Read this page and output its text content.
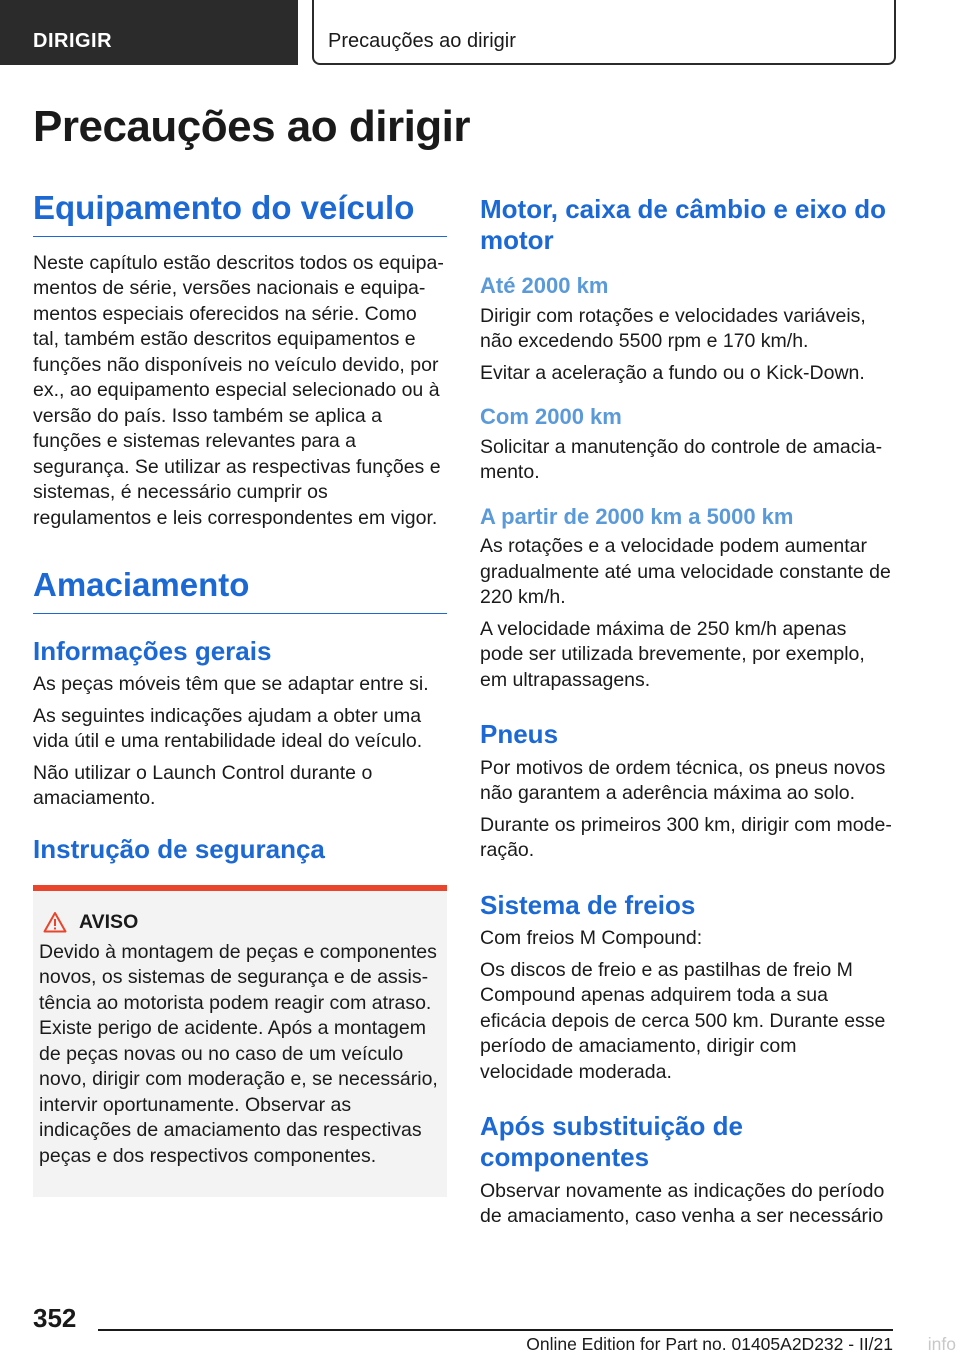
DIRIGIR	Precauções ao dirigir
Precauções ao dirigir
Equipamento do veículo

Neste capítulo estão descritos todos os equipamentos de série, versões nacionais e equipamentos especiais oferecidos na série. Como tal, também estão descritos equipamentos e funções não disponíveis no veículo devido, por ex., ao equipamento especial selecionado ou à versão do país. Isso também se aplica a funções e sistemas relevantes para a segurança. Se utilizar as respectivas funções e sistemas, é necessário cumprir os regulamentos e leis correspondentes em vigor.

Amaciamento
Informações gerais

As peças móveis têm que se adaptar entre si.

As seguintes indicações ajudam a obter uma vida útil e uma rentabilidade ideal do veículo.

Não utilizar o Launch Control durante o amaciamento.

Instrução de segurança
AVISO

Devido à montagem de peças e componentes novos, os sistemas de segurança e de assistência ao motorista podem reagir com atraso. Existe perigo de acidente. Após a montagem de peças novas ou no caso de um veículo novo, dirigir com moderação e, se necessário, intervir oportunamente. Observar as indicações de amaciamento das respectivas peças e dos respectivos componentes.

Motor, caixa de câmbio e eixo do motor
Até 2000 km

Dirigir com rotações e velocidades variáveis, não excedendo 5500 rpm e 170 km/h.

Evitar a aceleração a fundo ou o Kick-Down.

Com 2000 km

Solicitar a manutenção do controle de amaciamento.

A partir de 2000 km a 5000 km

As rotações e a velocidade podem aumentar gradualmente até uma velocidade constante de 220 km/h.

A velocidade máxima de 250 km/h apenas pode ser utilizada brevemente, por exemplo, em ultrapassagens.

Pneus

Por motivos de ordem técnica, os pneus novos não garantem a aderência máxima ao solo.

Durante os primeiros 300 km, dirigir com moderação.

Sistema de freios

Com freios M Compound:

Os discos de freio e as pastilhas de freio M Compound apenas adquirem toda a sua eficácia depois de cerca 500 km. Durante esse período de amaciamento, dirigir com velocidade moderada.

Após substituição de componentes

Observar novamente as indicações do período de amaciamento, caso venha a ser necessário

352
Online Edition for Part no. 01405A2D232 - II/21 info
